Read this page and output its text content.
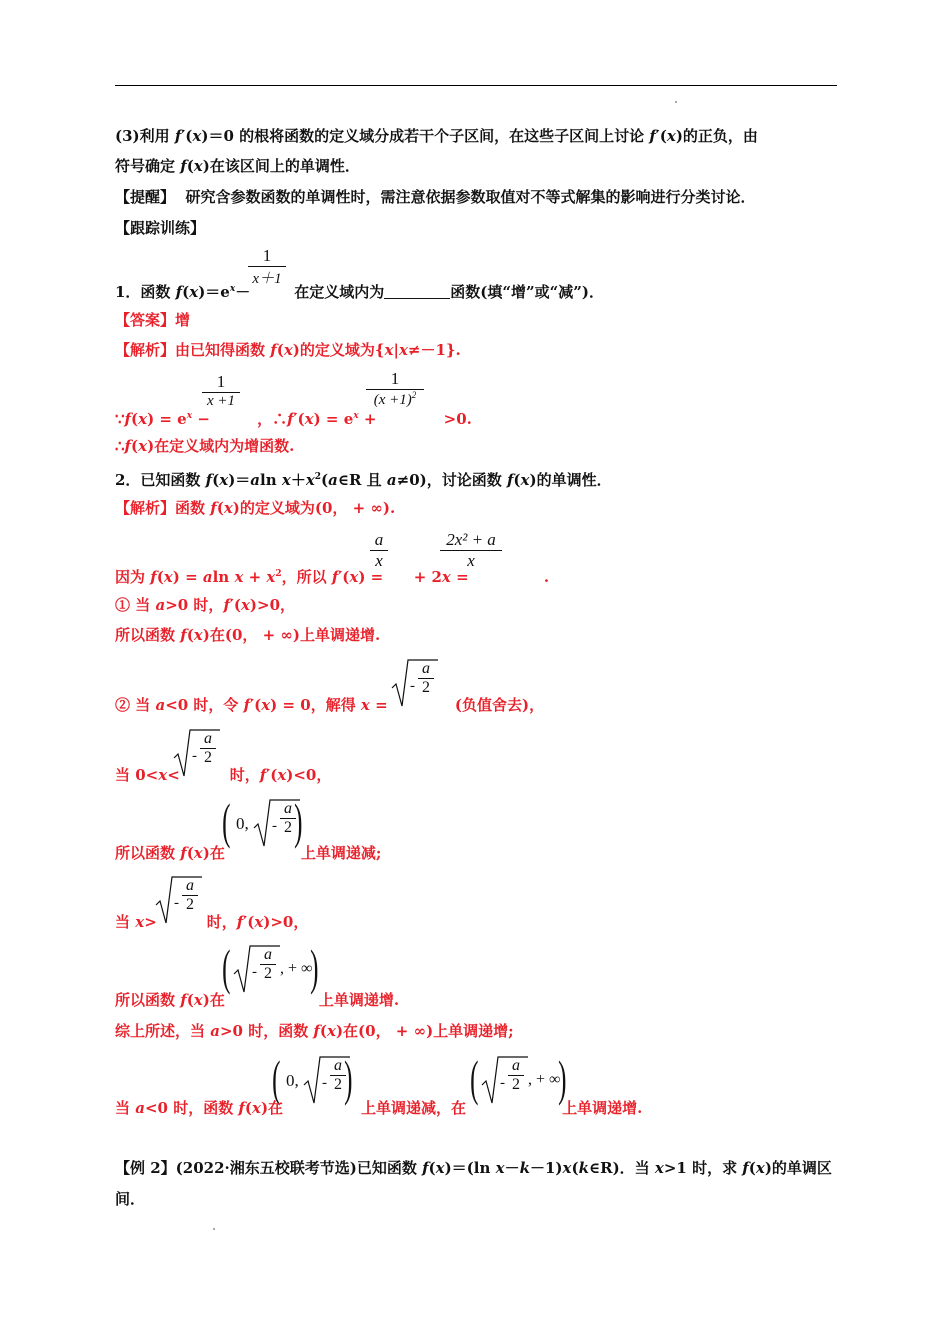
(3)利用 f′(x)＝0 的根将函数的定义域分成若干个子区间，在这些子区间上讨论 f′(x)的正负，由
符号确定 f(x)在该区间上的单调性．
【提醒】 研究含参数函数的单调性时，需注意依据参数取值对不等式解集的影响进行分类讨论．
【跟踪训练】
1
x＋1
1．函数 $f(x)=e^x-$	在定义域内为	函数(填“增”或“减”)．
【答案】增
【解析】由已知得函数 f(x)的定义域为{x|x≠－1}.
1
x +1
1
$(x +1)^2$
∵f(x) = $e^x$ −	，∴f′(x) = $e^x$ +	>0.
∴f(x)在定义域内为增函数.
2．已知函数 f(x)＝aln $x+x^2(a\in R$ 且 a≠0)，讨论函数 f(x)的单调性．
【解析】函数 f(x)的定义域为(0， + ∞).
a
x
2x² + a
x
因为 f(x) = aln $x + x^2$，所以 f′(x) =  + 2x =	.
① 当 a>0 时，f′(x)>0，
所以函数 f(x)在(0， + ∞)上单调递增.
-
a
2
② 当 a<0 时，令 f′(x) = 0，解得 x =	(负值舍去)，
-
a
2
当 0<x<	时，f′(x)<0，
( 0, -
a
2 )
所以函数 f(x)在	上单调递减;
-
a
2
当 x>	时，f′(x)>0，
( -
a
2 , + ∞
)
所以函数 f(x)在	上单调递增.
综上所述，当 a>0 时，函数 f(x)在(0， + ∞)上单调递增;
( 0, -
a
2 ) ( -
a
2 , + ∞
)
当 a<0 时，函数 f(x)在	上单调递减，在	上单调递增.
【例 2】(2022·湘东五校联考节选)已知函数 f(x)＝(ln x－k－1)x(k∈R)．当 x>1 时，求 f(x)的单调区
间．
